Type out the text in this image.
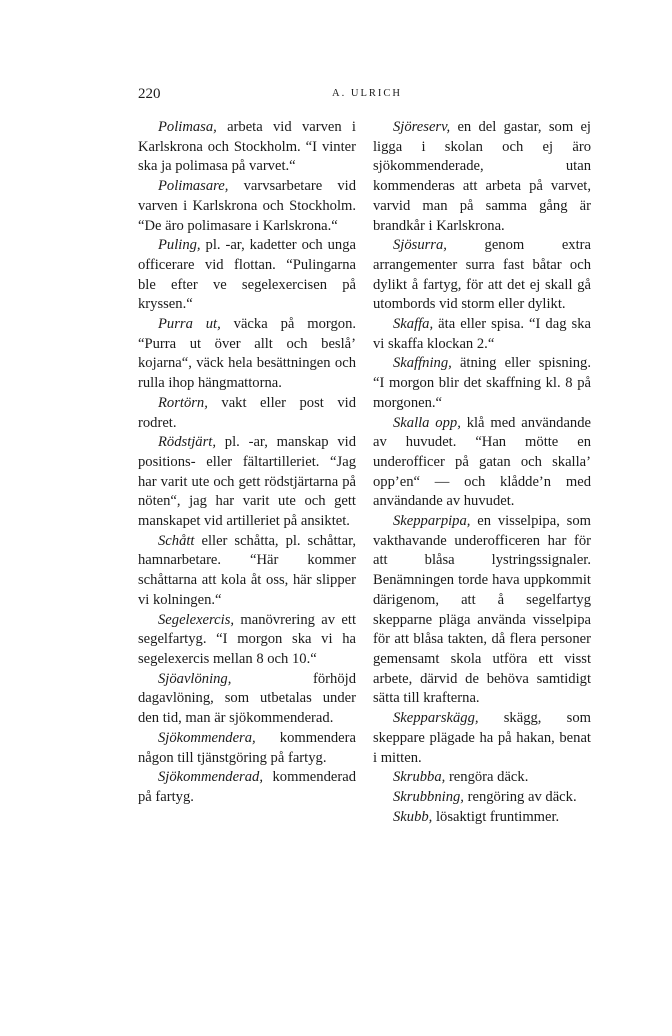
220	A. ULRICH

Polimasa, arbeta vid varven i Karlskrona och Stockholm. “I vinter ska ja polimasa på varvet.“

Polimasare, varvsarbetare vid varven i Karlskrona och Stockholm. “De äro polimasare i Karlskrona.“

Puling, pl. -ar, kadetter och unga officerare vid flottan. “Pulingarna ble efter ve segelexercisen på kryssen.“

Purra ut, väcka på morgon. “Purra ut över allt och beslå’ kojarna“, väck hela besättningen och rulla ihop hängmattorna.

Rortörn, vakt eller post vid rodret.

Rödstjärt, pl. -ar, manskap vid positions- eller fältartilleriet. “Jag har varit ute och gett rödstjärtarna på nöten“, jag har varit ute och gett manskapet vid artilleriet på ansiktet.

Schått eller schåtta, pl. schåttar, hamnarbetare. “Här kommer schåttarna att kola åt oss, här slipper vi kolningen.“

Segelexercis, manövrering av ett segelfartyg. “I morgon ska vi ha segelexercis mellan 8 och 10.“

Sjöavlöning, förhöjd dagavlöning, som utbetalas under den tid, man är sjökommenderad.

Sjökommendera, kommendera någon till tjänstgöring på fartyg.

Sjökommenderad, kommenderad på fartyg.

Sjöreserv, en del gastar, som ej ligga i skolan och ej äro sjökommenderade, utan kommenderas att arbeta på varvet, varvid man på samma gång är brandkår i Karlskrona.

Sjösurra, genom extra arrangementer surra fast båtar och dylikt å fartyg, för att det ej skall gå utombords vid storm eller dylikt.

Skaffa, äta eller spisa. “I dag ska vi skaffa klockan 2.“

Skaffning, ätning eller spisning. “I morgon blir det skaffning kl. 8 på morgonen.“

Skalla opp, klå med användande av huvudet. “Han mötte en underofficer på gatan och skalla’ opp’en“ — och klådde’n med användande av huvudet.

Skepparpipa, en visselpipa, som vakthavande underofficeren har för att blåsa lystringssignaler. Benämningen torde hava uppkommit därigenom, att å segelfartyg skepparne pläga använda visselpipa för att blåsa takten, då flera personer gemensamt skola utföra ett visst arbete, därvid de behöva samtidigt sätta till krafterna.

Skepparskägg, skägg, som skeppare plägade ha på hakan, benat i mitten.

Skrubba, rengöra däck.

Skrubbning, rengöring av däck.

Skubb, lösaktigt fruntimmer.
